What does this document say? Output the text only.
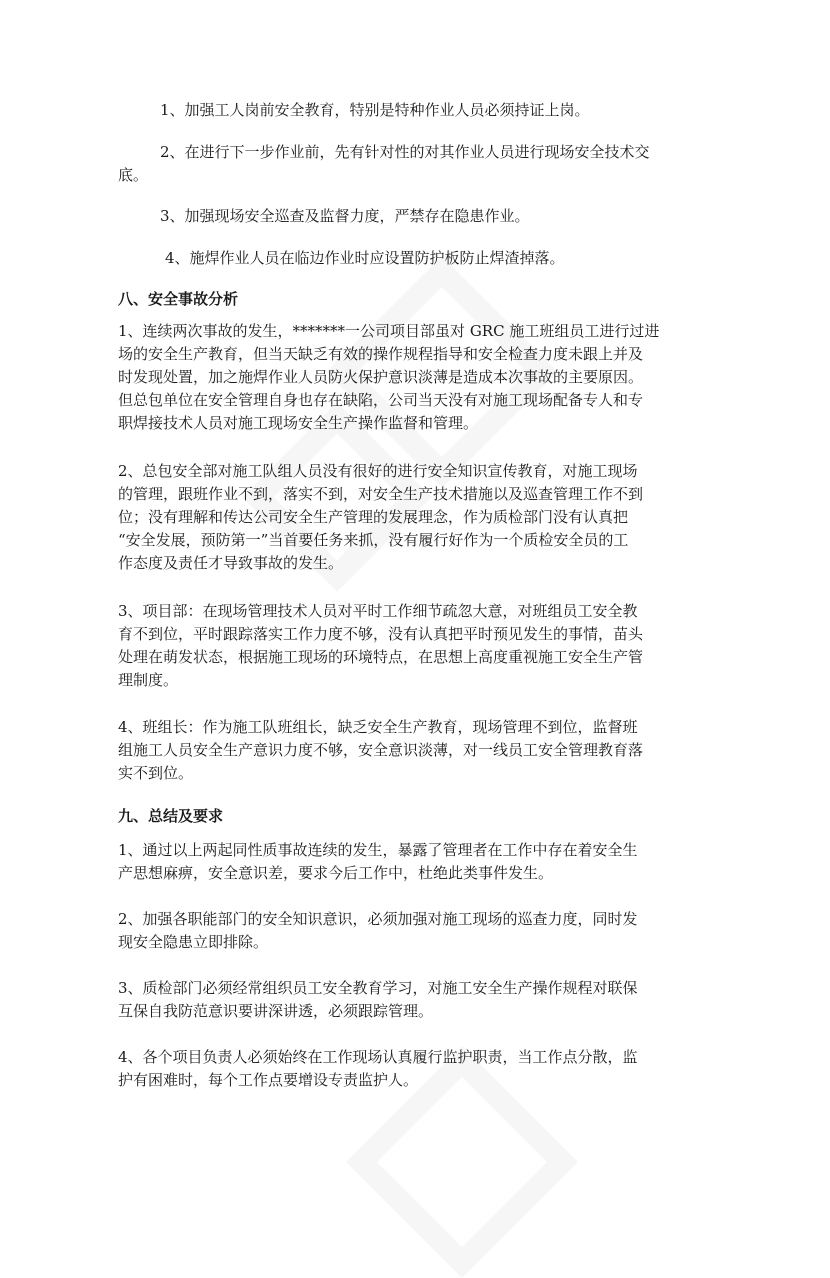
1、加强工人岗前安全教育，特别是特种作业人员必须持证上岗。
2、在进行下一步作业前，先有针对性的对其作业人员进行现场安全技术交
底。
3、加强现场安全巡查及监督力度，严禁存在隐患作业。
4、施焊作业人员在临边作业时应设置防护板防止焊渣掉落。
八、安全事故分析
1、连续两次事故的发生，*******一公司项目部虽对 GRC 施工班组员工进行过进
场的安全生产教育，但当天缺乏有效的操作规程指导和安全检查力度未跟上并及
时发现处置，加之施焊作业人员防火保护意识淡薄是造成本次事故的主要原因。
但总包单位在安全管理自身也存在缺陷，公司当天没有对施工现场配备专人和专
职焊接技术人员对施工现场安全生产操作监督和管理。
2、总包安全部对施工队组人员没有很好的进行安全知识宣传教育，对施工现场
的管理，跟班作业不到，落实不到，对安全生产技术措施以及巡查管理工作不到
位；没有理解和传达公司安全生产管理的发展理念，作为质检部门没有认真把
“安全发展，预防第一”当首要任务来抓，没有履行好作为一个质检安全员的工
作态度及责任才导致事故的发生。
3、项目部：在现场管理技术人员对平时工作细节疏忽大意，对班组员工安全教
育不到位，平时跟踪落实工作力度不够，没有认真把平时预见发生的事情，苗头
处理在萌发状态，根据施工现场的环境特点，在思想上高度重视施工安全生产管
理制度。
4、班组长：作为施工队班组长，缺乏安全生产教育，现场管理不到位，监督班
组施工人员安全生产意识力度不够，安全意识淡薄，对一线员工安全管理教育落
实不到位。
九、总结及要求
1、通过以上两起同性质事故连续的发生，暴露了管理者在工作中存在着安全生
产思想麻痹，安全意识差，要求今后工作中，杜绝此类事件发生。
2、加强各职能部门的安全知识意识，必须加强对施工现场的巡查力度，同时发
现安全隐患立即排除。
3、质检部门必须经常组织员工安全教育学习，对施工安全生产操作规程对联保
互保自我防范意识要讲深讲透，必须跟踪管理。
4、各个项目负责人必须始终在工作现场认真履行监护职责，当工作点分散，监
护有困难时，每个工作点要增设专责监护人。
